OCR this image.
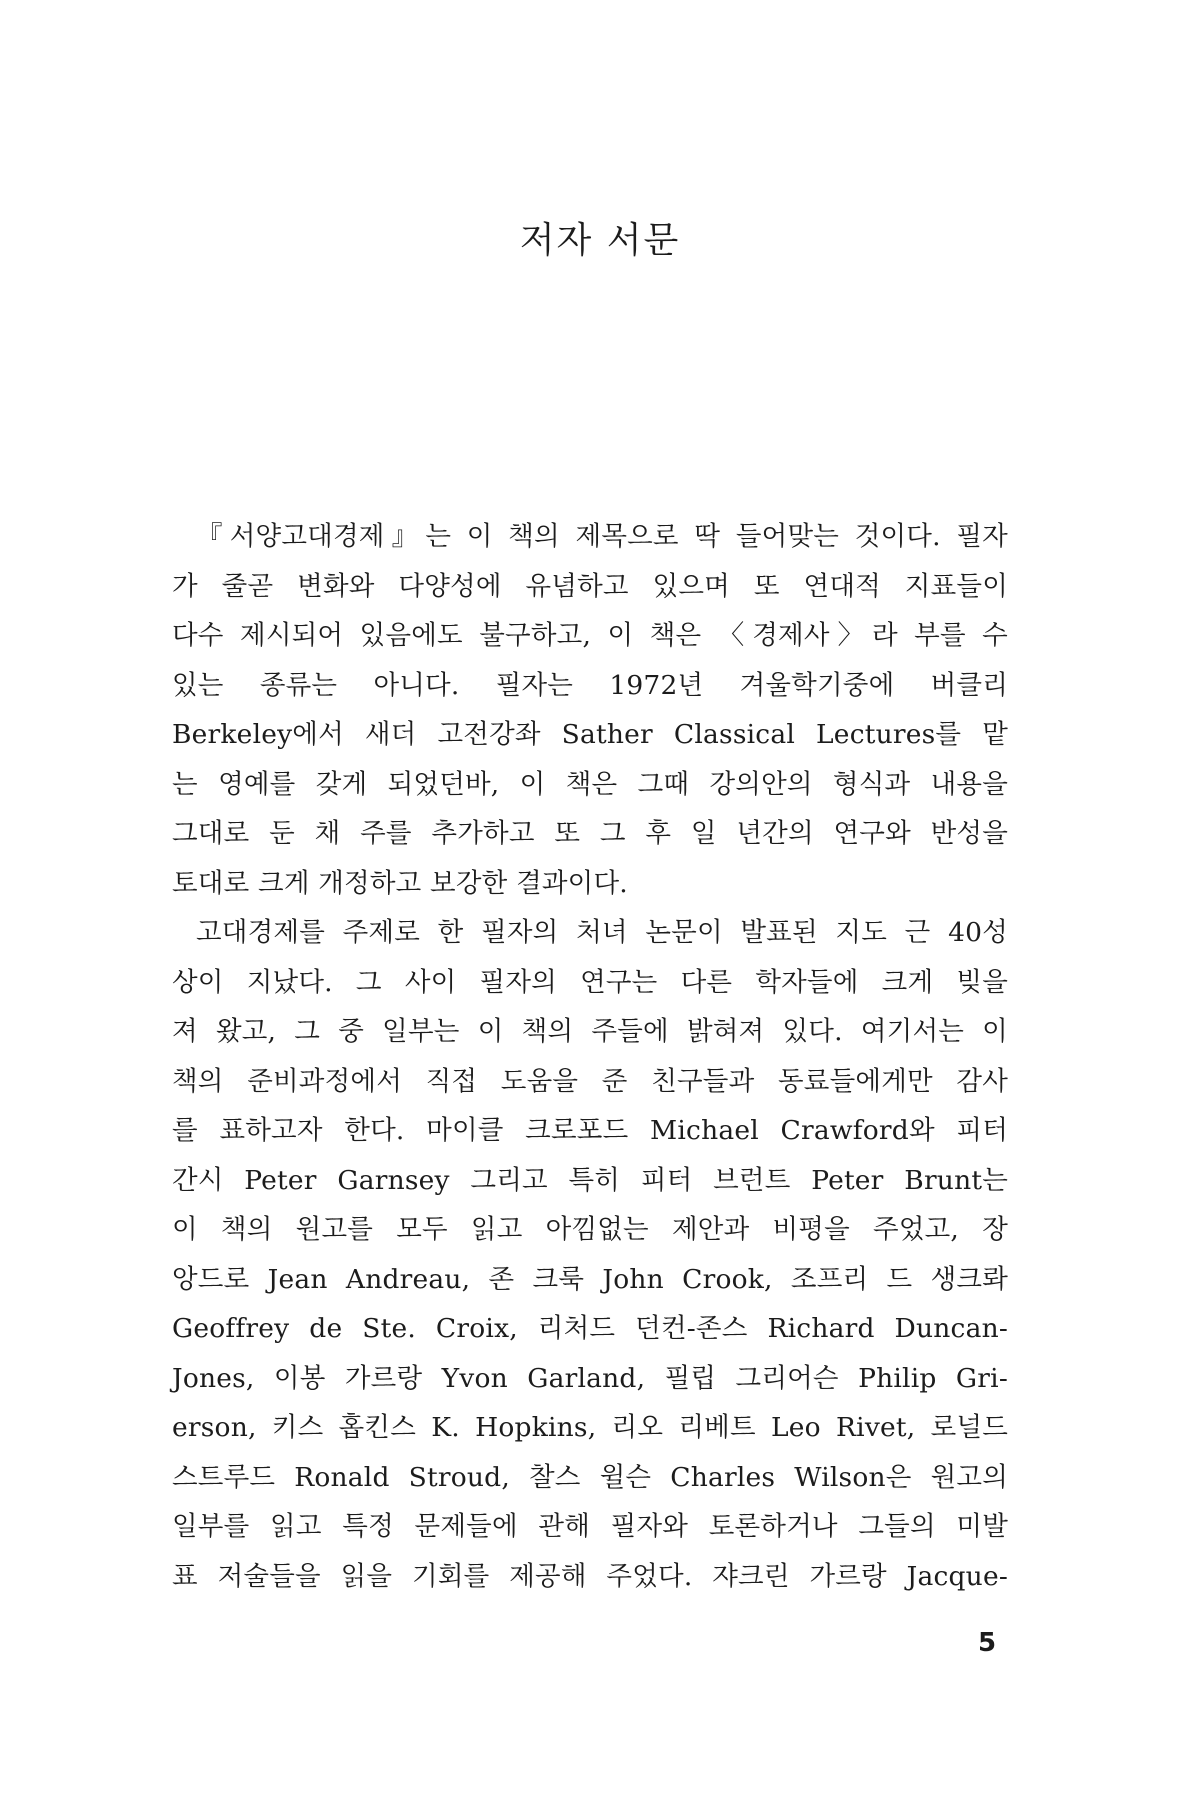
저자 서문
『서양고대경제』는 이 책의 제목으로 딱 들어맞는 것이다. 필자
가 줄곧 변화와 다양성에 유념하고 있으며 또 연대적 지표들이
다수 제시되어 있음에도 불구하고, 이 책은 〈경제사〉라 부를 수
있는 종류는 아니다. 필자는 1972년 겨울학기중에 버클리
Berkeley에서 새더 고전강좌 Sather Classical Lectures를 맡
는 영예를 갖게 되었던바, 이 책은 그때 강의안의 형식과 내용을
그대로 둔 채 주를 추가하고 또 그 후 일 년간의 연구와 반성을
토대로 크게 개정하고 보강한 결과이다.
고대경제를 주제로 한 필자의 처녀 논문이 발표된 지도 근 40성
상이 지났다. 그 사이 필자의 연구는 다른 학자들에 크게 빚을
져 왔고, 그 중 일부는 이 책의 주들에 밝혀져 있다. 여기서는 이
책의 준비과정에서 직접 도움을 준 친구들과 동료들에게만 감사
를 표하고자 한다. 마이클 크로포드 Michael Crawford와 피터
간시 Peter Garnsey 그리고 특히 피터 브런트 Peter Brunt는
이 책의 원고를 모두 읽고 아낌없는 제안과 비평을 주었고, 장
앙드로 Jean Andreau, 존 크룩 John Crook, 조프리 드 생크롸
Geoffrey de Ste. Croix, 리처드 던컨-존스 Richard Duncan-
Jones, 이봉 가르랑 Yvon Garland, 필립 그리어슨 Philip Gri-
erson, 키스 홉킨스 K. Hopkins, 리오 리베트 Leo Rivet, 로널드
스트루드 Ronald Stroud, 찰스 윌슨 Charles Wilson은 원고의
일부를 읽고 특정 문제들에 관해 필자와 토론하거나 그들의 미발
표 저술들을 읽을 기회를 제공해 주었다. 쟈크린 가르랑 Jacque-
5
